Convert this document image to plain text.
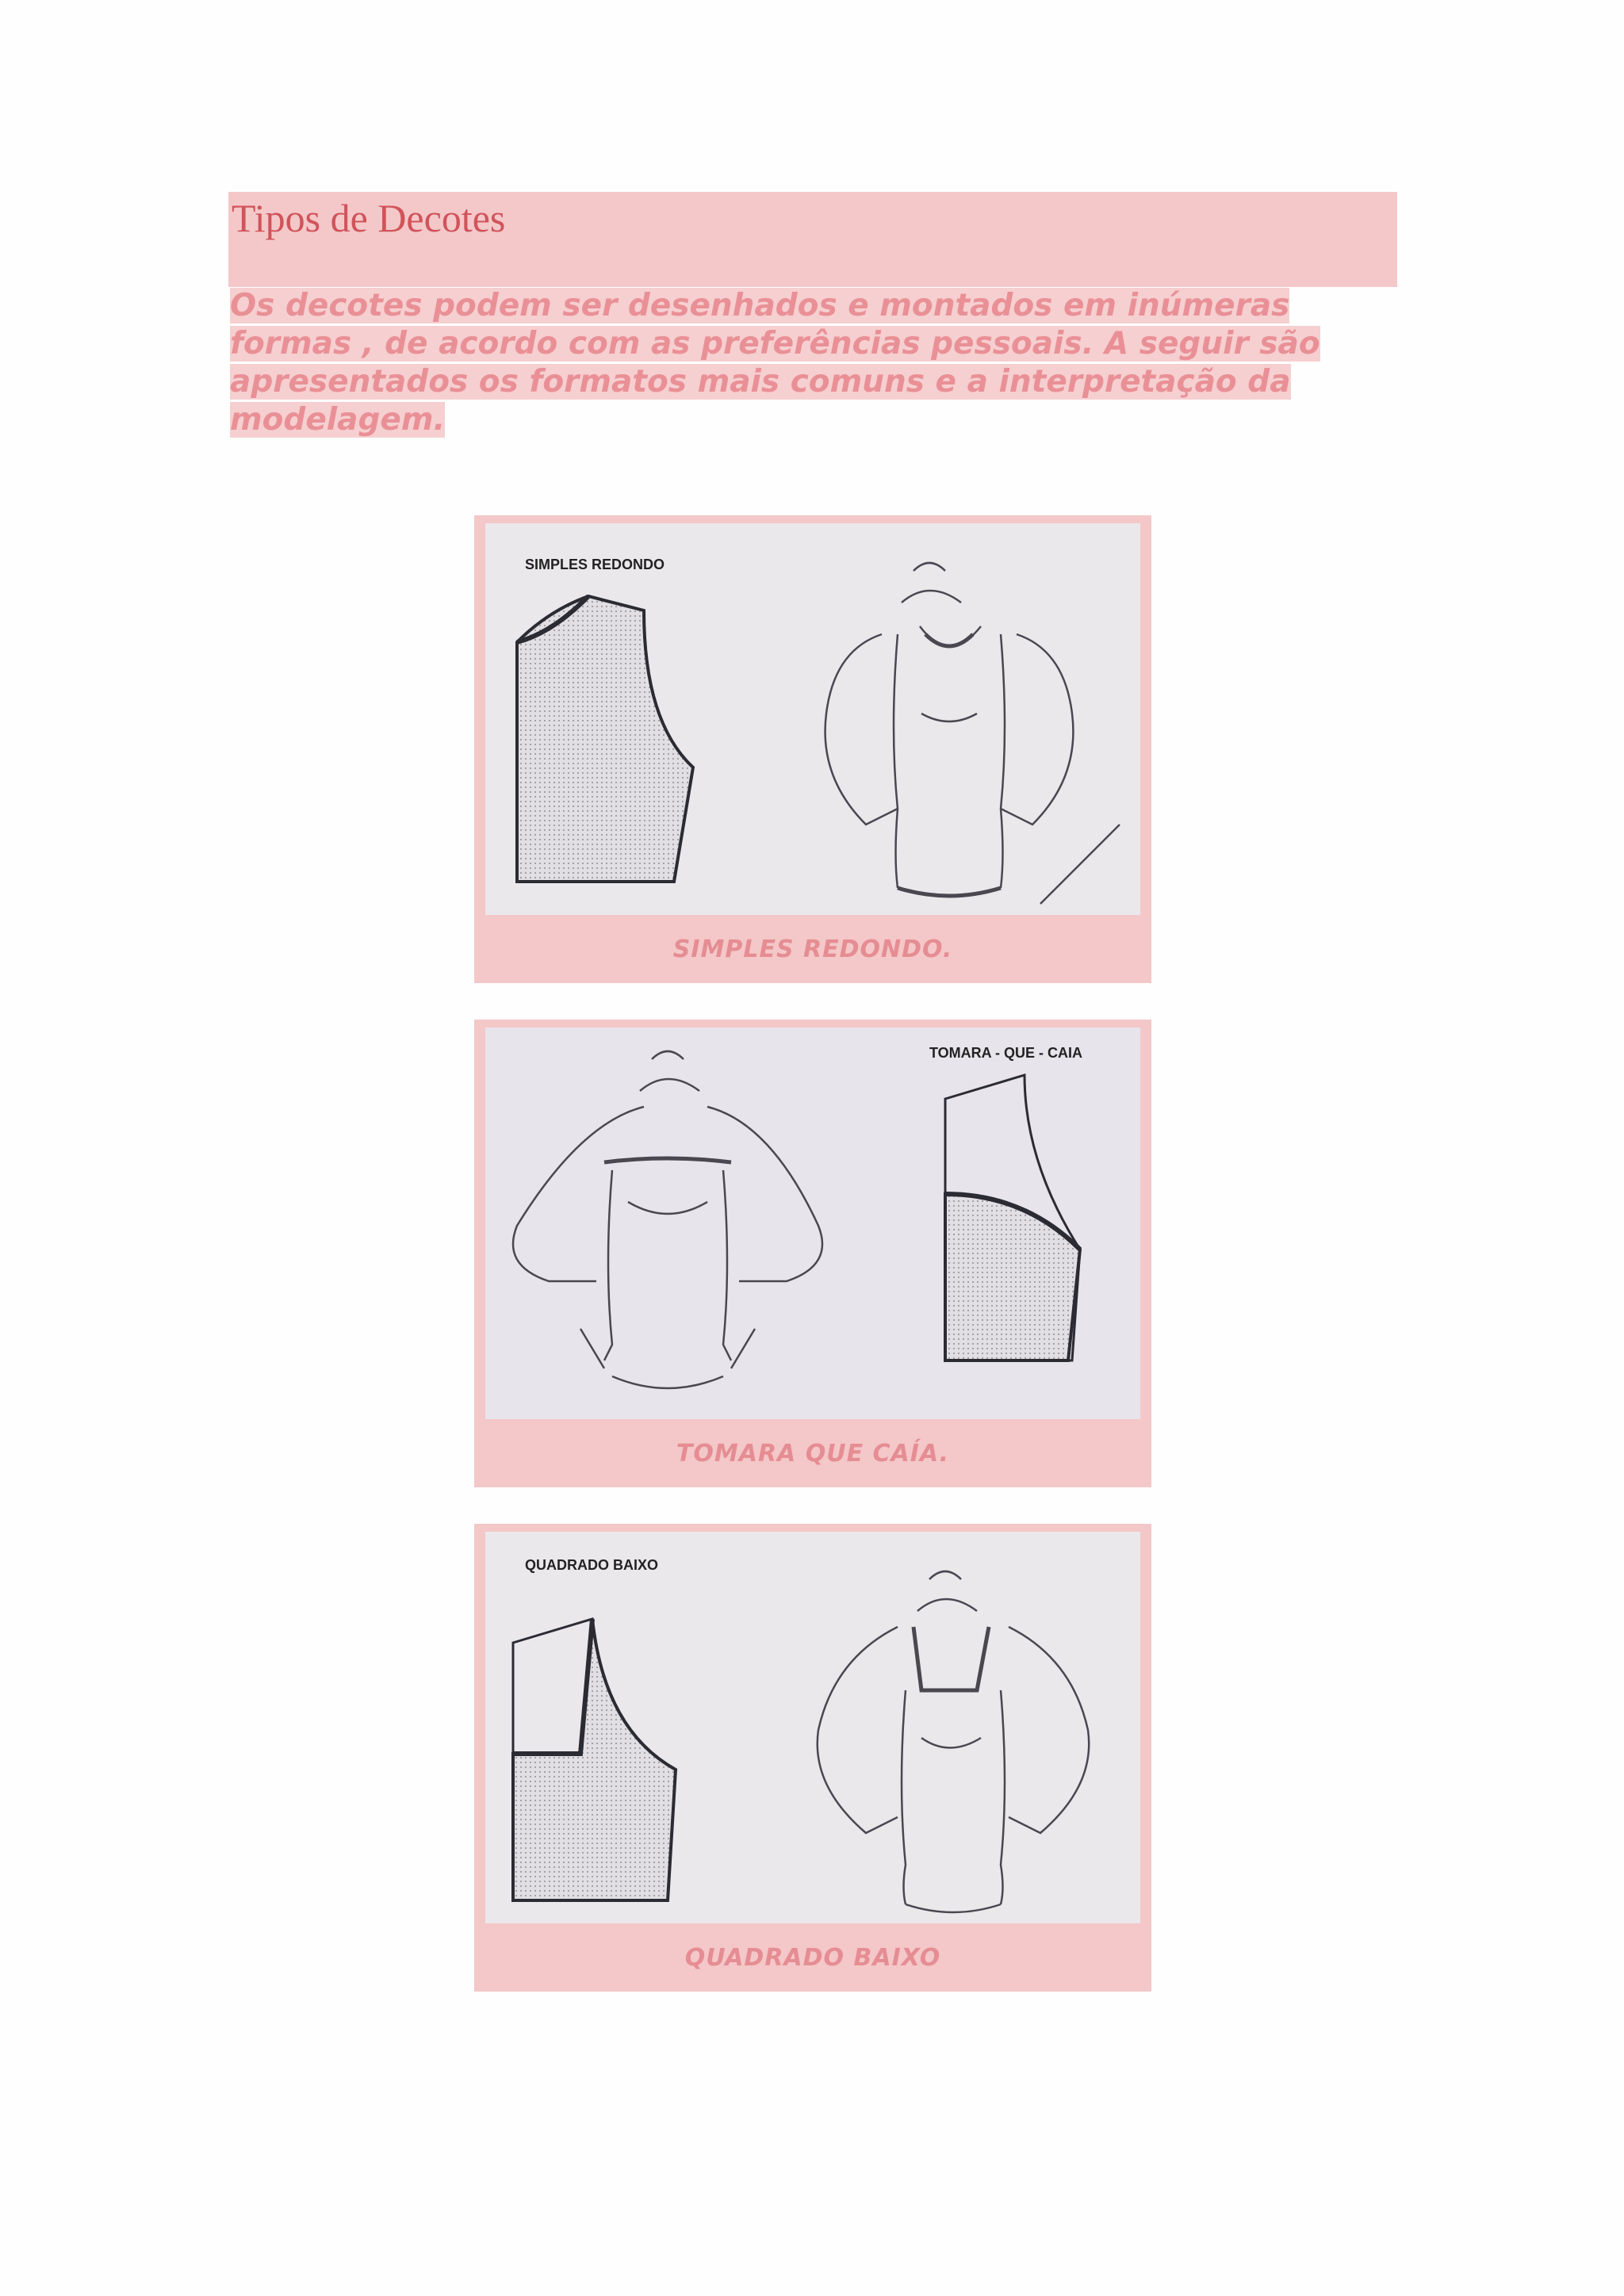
Tipos de Decotes
Os decotes podem ser desenhados e montados em inúmeras
formas , de acordo com as preferências pessoais. A seguir são
apresentados os formatos mais comuns e a interpretação da
modelagem.
SIMPLES REDONDO
SIMPLES REDONDO.
TOMARA - QUE - CAIA
TOMARA QUE CAÍA.
QUADRADO BAIXO
QUADRADO BAIXO
